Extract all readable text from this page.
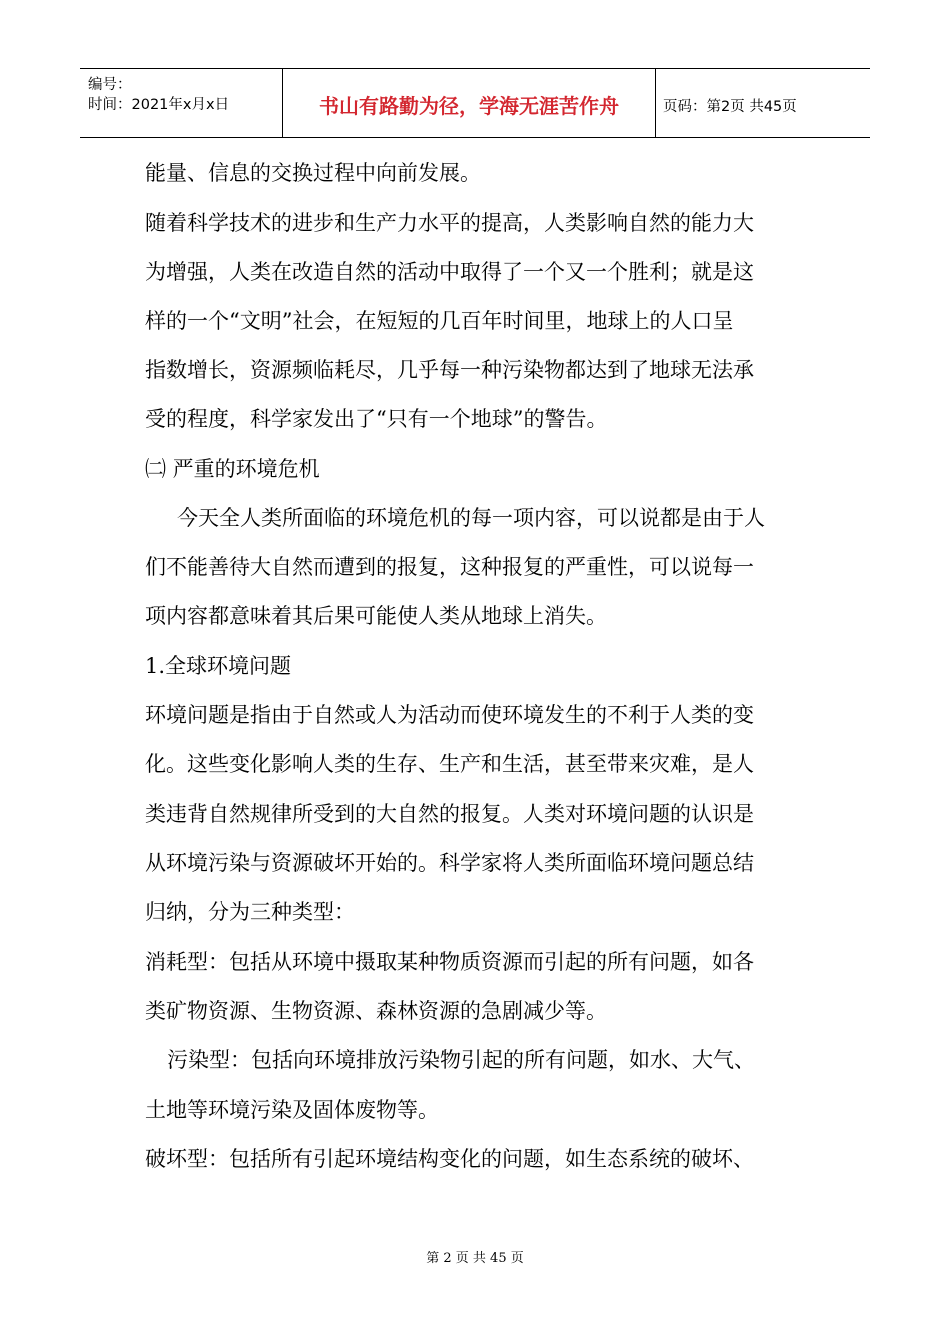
编号：
时间：2021年x月x日	书山有路勤为径，学海无涯苦作舟	页码：第2页 共45页
能量、信息的交换过程中向前发展。
随着科学技术的进步和生产力水平的提高，人类影响自然的能力大
为增强，人类在改造自然的活动中取得了一个又一个胜利；就是这
样的一个“文明”社会，在短短的几百年时间里，地球上的人口呈
指数增长，资源频临耗尽，几乎每一种污染物都达到了地球无法承
受的程度，科学家发出了“只有一个地球”的警告。
㈡ 严重的环境危机
今天全人类所面临的环境危机的每一项内容，可以说都是由于人
们不能善待大自然而遭到的报复，这种报复的严重性，可以说每一
项内容都意味着其后果可能使人类从地球上消失。
1.全球环境问题
环境问题是指由于自然或人为活动而使环境发生的不利于人类的变
化。这些变化影响人类的生存、生产和生活，甚至带来灾难，是人
类违背自然规律所受到的大自然的报复。人类对环境问题的认识是
从环境污染与资源破坏开始的。科学家将人类所面临环境问题总结
归纳，分为三种类型：
消耗型：包括从环境中摄取某种物质资源而引起的所有问题，如各
类矿物资源、生物资源、森林资源的急剧减少等。
污染型：包括向环境排放污染物引起的所有问题，如水、大气、
土地等环境污染及固体废物等。
破坏型：包括所有引起环境结构变化的问题，如生态系统的破坏、
第 2 页 共 45 页
